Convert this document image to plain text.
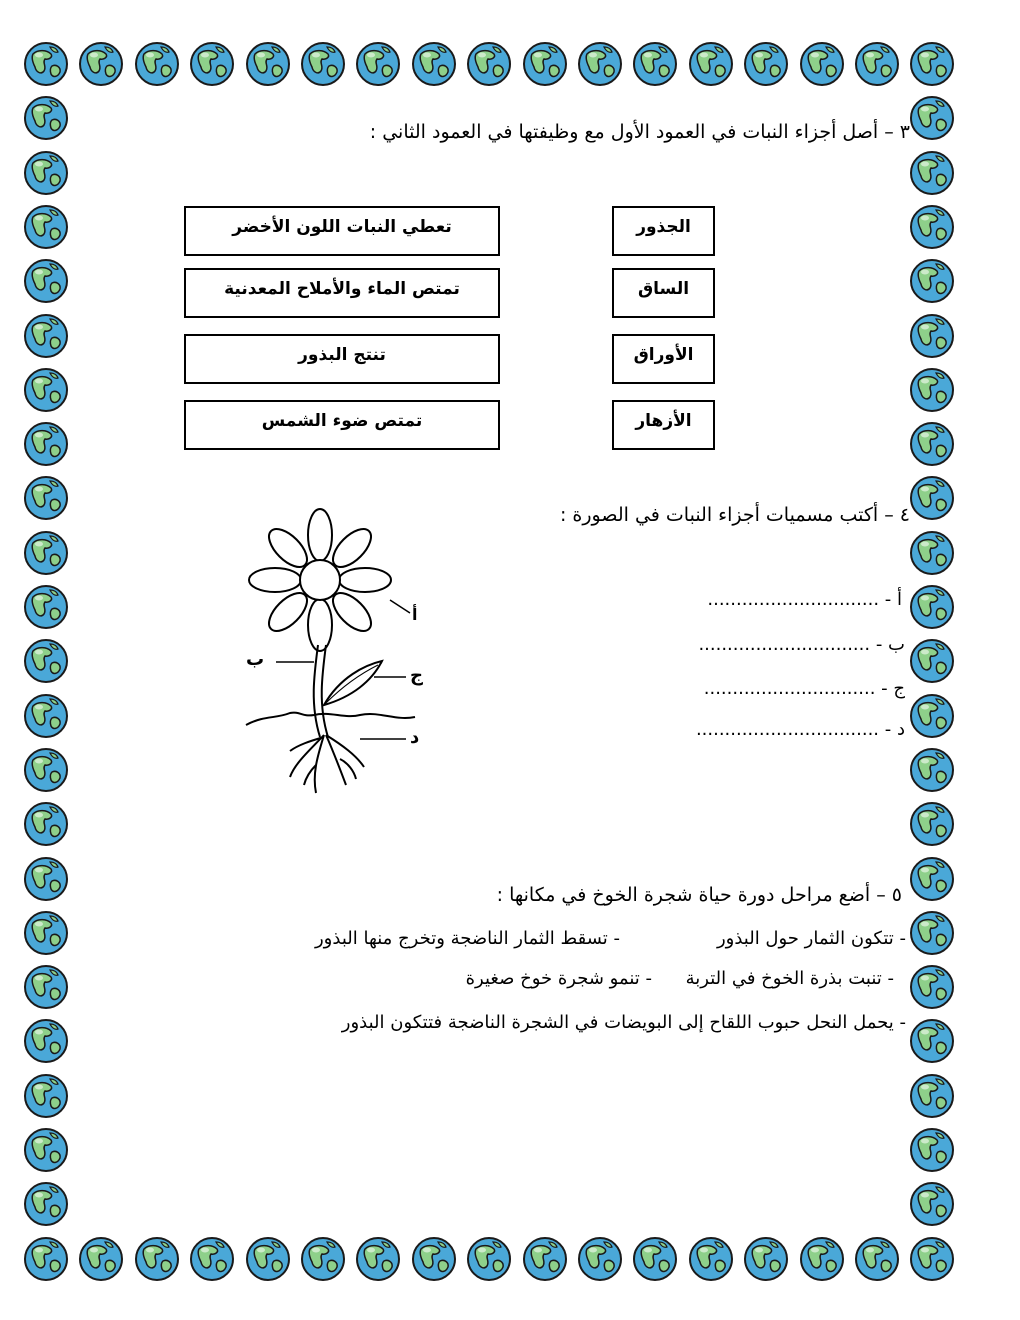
٣ – أصل أجزاء النبات في العمود الأول مع وظيفتها في العمود الثاني :
الجذور
الساق
الأوراق
الأزهار
تعطي النبات اللون الأخضر
تمتص الماء والأملاح المعدنية
تنتج البذور
تمتص ضوء الشمس
٤ – أكتب مسميات أجزاء النبات في الصورة :
أ
ب
ج
د
أ - ..............................
ب - ..............................
ج - ..............................
د - ................................
٥ – أضع مراحل دورة حياة شجرة الخوخ في مكانها :
- تتكون الثمار حول البذور
- تسقط الثمار الناضجة وتخرج منها البذور
- تنبت بذرة الخوخ في التربة
- تنمو شجرة خوخ صغيرة
- يحمل النحل حبوب اللقاح إلى البويضات في الشجرة الناضجة فتتكون البذور
